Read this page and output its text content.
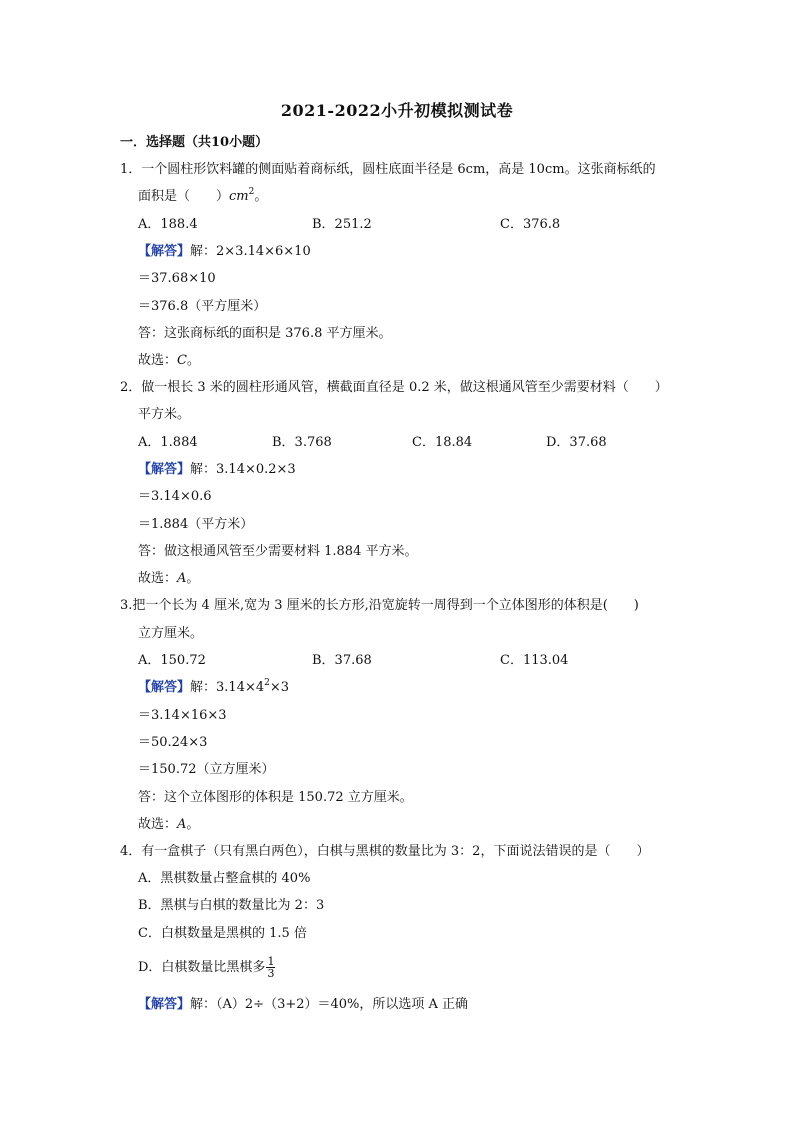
2021-2022小升初模拟测试卷
一．选择题（共10小题）
1．一个圆柱形饮料罐的侧面贴着商标纸，圆柱底面半径是 6cm，高是 10cm。这张商标纸的
面积是（　　）$cm^2$。
A．188.4	B．251.2	C．376.8
【解答】解：2×3.14×6×10
＝37.68×10
＝376.8（平方厘米）
答：这张商标纸的面积是 376.8 平方厘米。
故选：C。
2．做一根长 3 米的圆柱形通风管，横截面直径是 0.2 米，做这根通风管至少需要材料（　　）
平方米。
A．1.884	B．3.768	C．18.84	D．37.68
【解答】解：3.14×0.2×3
＝3.14×0.6
＝1.884（平方米）
答：做这根通风管至少需要材料 1.884 平方米。
故选：A。
3.把一个长为 4 厘米,宽为 3 厘米的长方形,沿宽旋转一周得到一个立体图形的体积是(　　)
立方厘米。
A．150.72	B．37.68	C．113.04
【解答】解：$3.14\times 4^2\times 3$
＝3.14×16×3
＝50.24×3
＝150.72（立方厘米）
答：这个立体图形的体积是 150.72 立方厘米。
故选：A。
4．有一盒棋子（只有黑白两色），白棋与黑棋的数量比为 3：2，下面说法错误的是（　　）
A．黑棋数量占整盒棋的 40%
B．黑棋与白棋的数量比为 2：3
C．白棋数量是黑棋的 1.5 倍
D．白棋数量比黑棋多 $\frac{1}{3}$
【解答】解：（A）2÷（3+2）＝40%，所以选项 A 正确
